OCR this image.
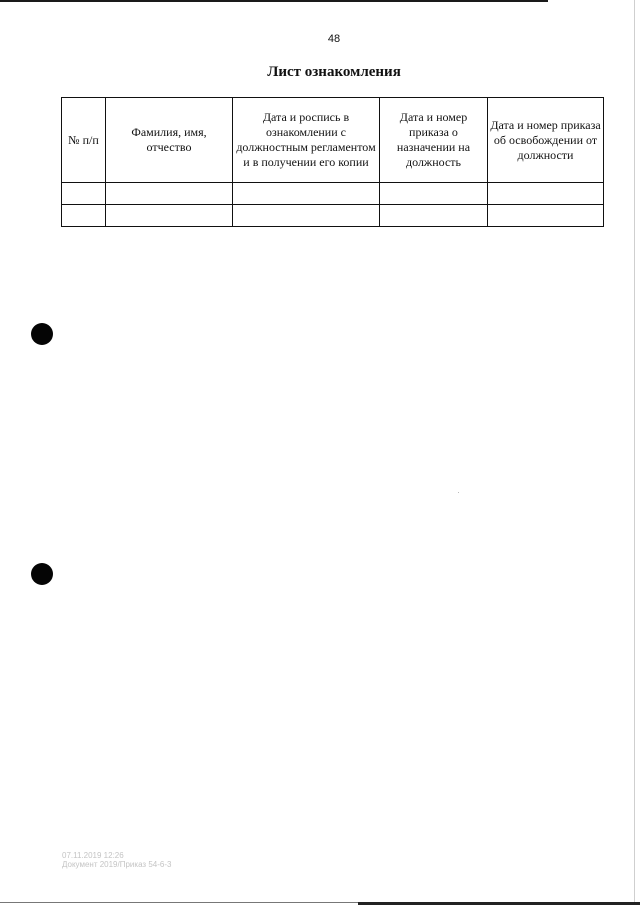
48
Лист ознакомления
№ п/п	Фамилия, имя, отчество	Дата и роспись в ознакомлении с должностным регламентом и в получении его копии	Дата и номер приказа о назначении на должность	Дата и номер приказа об освобождении от должности

07.11.2019 12:26
Документ 2019/Приказ 54-6-3
